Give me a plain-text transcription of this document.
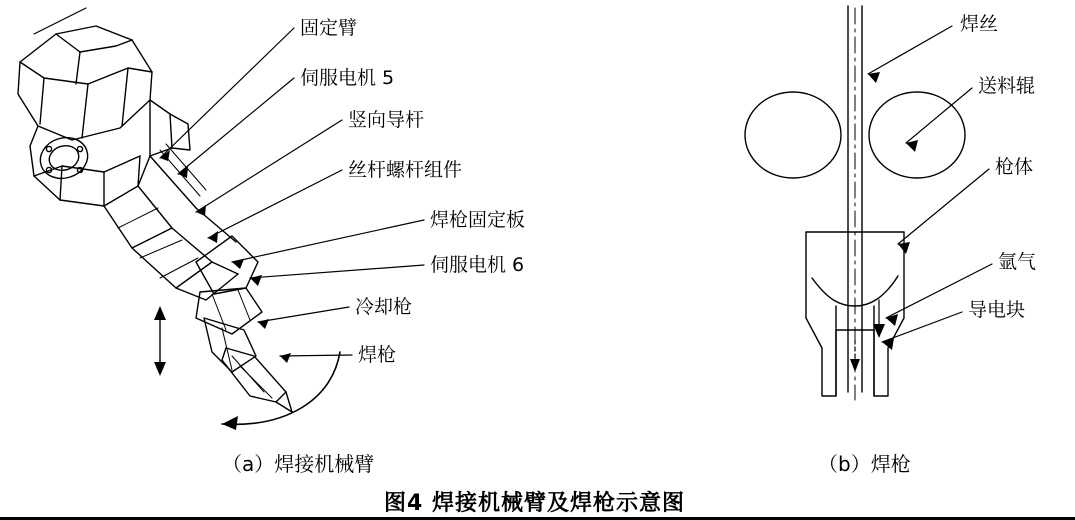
固定臂
伺服电机 5
竖向导杆
丝杆螺杆组件
焊枪固定板
伺服电机 6
冷却枪
焊枪
焊丝
送料辊
枪体
氩气
导电块
（a）焊接机械臂	（b）焊枪
图4 焊接机械臂及焊枪示意图
